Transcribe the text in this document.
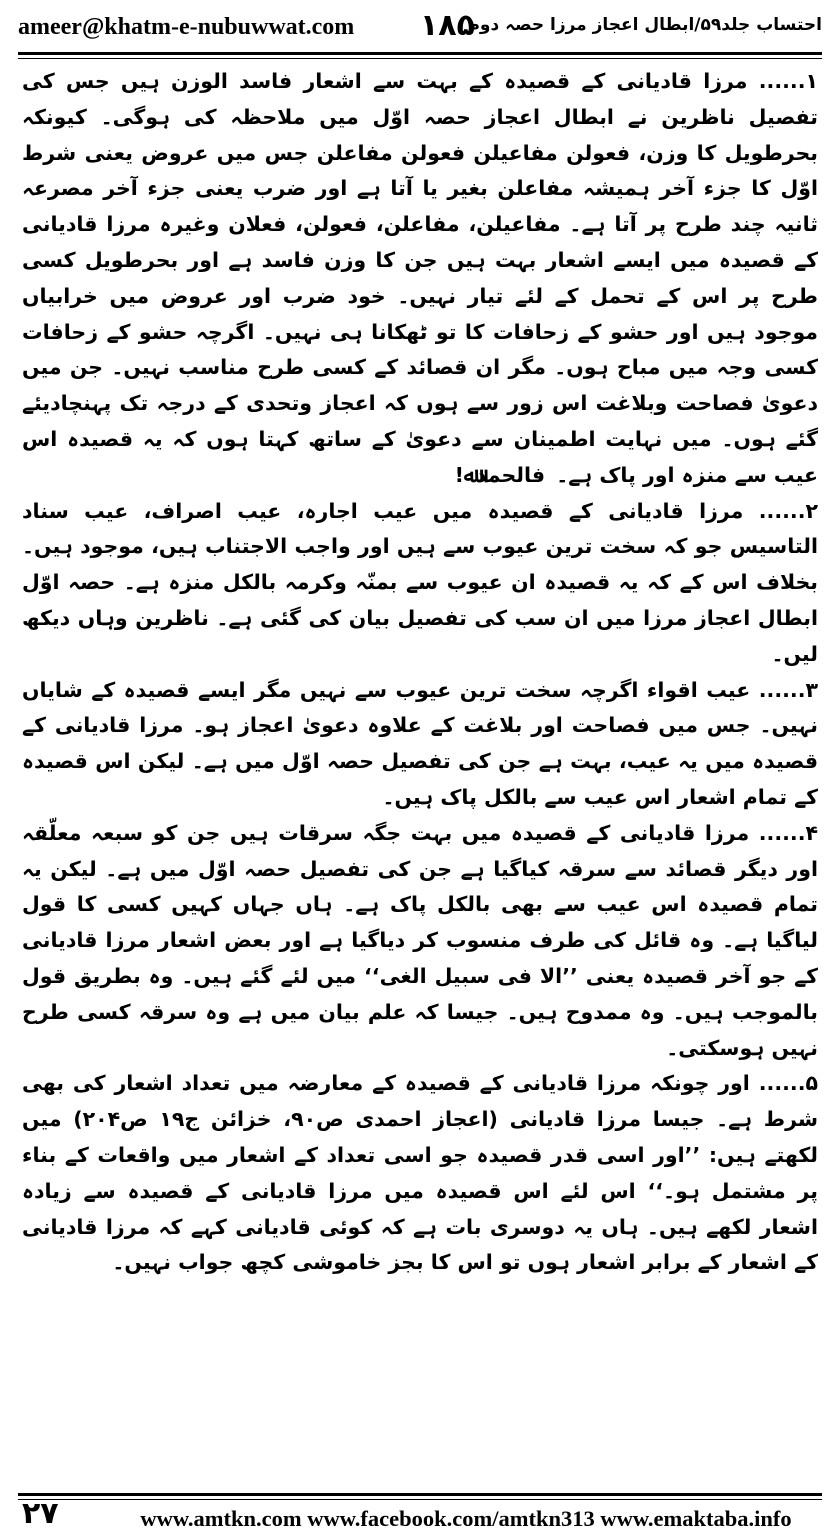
ameer@khatm-e-nubuwwat.com ۱۸۵
احتساب جلد۵۹/ابطال اعجاز مرزا حصہ دوم

۱...... مرزا قادیانی کے قصیدہ کے بہت سے اشعار فاسد الوزن ہیں جس کی تفصیل ناظرین نے ابطال اعجاز حصہ اوّل میں ملاحظہ کی ہوگی۔ کیونکہ بحرطویل کا وزن، فعولن مفاعیلن فعولن مفاعلن جس میں عروض یعنی شرط اوّل کا جزء آخر ہمیشہ مفاعلن بغیر یا آتا ہے اور ضرب یعنی جزء آخر مصرعہ ثانیہ چند طرح پر آتا ہے۔ مفاعیلن، مفاعلن، فعولن، فعلان وغیرہ مرزا قادیانی کے قصیدہ میں ایسے اشعار بہت ہیں جن کا وزن فاسد ہے اور بحرطویل کسی طرح پر اس کے تحمل کے لئے تیار نہیں۔ خود ضرب اور عروض میں خرابیاں موجود ہیں اور حشو کے زحافات کا تو ٹھکانا ہی نہیں۔ اگرچہ حشو کے زحافات کسی وجہ میں مباح ہوں۔ مگر ان قصائد کے کسی طرح مناسب نہیں۔ جن میں دعویٰ فصاحت وبلاغت اس زور سے ہوں کہ اعجاز وتحدی کے درجہ تک پہنچادیئے گئے ہوں۔ میں نہایت اطمینان سے دعویٰ کے ساتھ کہتا ہوں کہ یہ قصیدہ اس عیب سے منزہ اور پاک ہے۔ فالحمدﷲ!

۲...... مرزا قادیانی کے قصیدہ میں عیب اجارہ، عیب اصراف، عیب سناد التاسیس جو کہ سخت ترین عیوب سے ہیں اور واجب الاجتناب ہیں، موجود ہیں۔ بخلاف اس کے کہ یہ قصیدہ ان عیوب سے بمنّہ وکرمہ بالکل منزہ ہے۔ حصہ اوّل ابطال اعجاز مرزا میں ان سب کی تفصیل بیان کی گئی ہے۔ ناظرین وہاں دیکھ لیں۔

۳...... عیب اقواء اگرچہ سخت ترین عیوب سے نہیں مگر ایسے قصیدہ کے شایاں نہیں۔ جس میں فصاحت اور بلاغت کے علاوہ دعویٰ اعجاز ہو۔ مرزا قادیانی کے قصیدہ میں یہ عیب، بہت ہے جن کی تفصیل حصہ اوّل میں ہے۔ لیکن اس قصیدہ کے تمام اشعار اس عیب سے بالکل پاک ہیں۔

۴...... مرزا قادیانی کے قصیدہ میں بہت جگہ سرقات ہیں جن کو سبعہ معلّقہ اور دیگر قصائد سے سرقہ کیاگیا ہے جن کی تفصیل حصہ اوّل میں ہے۔ لیکن یہ تمام قصیدہ اس عیب سے بھی بالکل پاک ہے۔ ہاں جہاں کہیں کسی کا قول لیاگیا ہے۔ وہ قائل کی طرف منسوب کر دیاگیا ہے اور بعض اشعار مرزا قادیانی کے جو آخر قصیدہ یعنی ’’الا فی سبیل الغی‘‘ میں لئے گئے ہیں۔ وہ بطریق قول بالموجب ہیں۔ وہ ممدوح ہیں۔ جیسا کہ علم بیان میں ہے وہ سرقہ کسی طرح نہیں ہوسکتی۔

۵...... اور چونکہ مرزا قادیانی کے قصیدہ کے معارضہ میں تعداد اشعار کی بھی شرط ہے۔ جیسا مرزا قادیانی (اعجاز احمدی ص۹۰، خزائن ج۱۹ ص۲۰۴) میں لکھتے ہیں: ’’اور اسی قدر قصیدہ جو اسی تعداد کے اشعار میں واقعات کے بناء پر مشتمل ہو۔‘‘ اس لئے اس قصیدہ میں مرزا قادیانی کے قصیدہ سے زیادہ اشعار لکھے ہیں۔ ہاں یہ دوسری بات ہے کہ کوئی قادیانی کہے کہ مرزا قادیانی کے اشعار کے برابر اشعار ہوں تو اس کا بجز خاموشی کچھ جواب نہیں۔

۲۷	www.amtkn.com www.facebook.com/amtkn313 www.emaktaba.info
